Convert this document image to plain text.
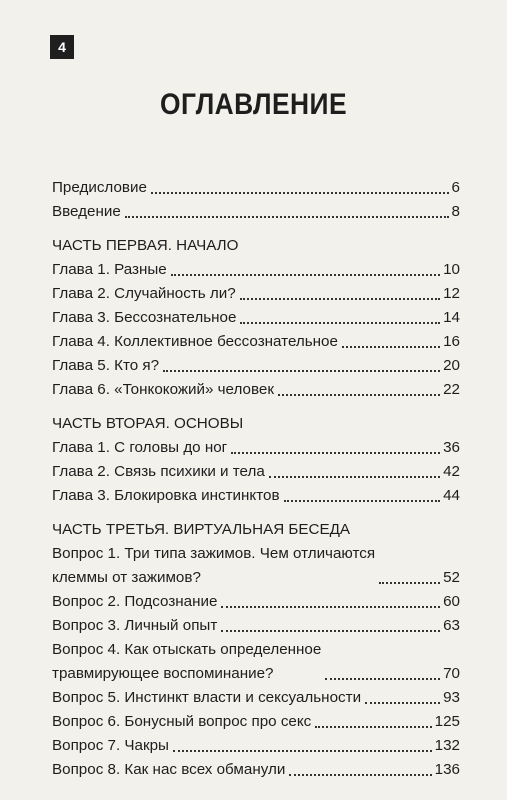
4
ОГЛАВЛЕНИЕ
Предисловие	6
Введение	8
ЧАСТЬ ПЕРВАЯ. НАЧАЛО
Глава 1. Разные	10
Глава 2. Случайность ли?	12
Глава 3. Бессознательное	14
Глава 4. Коллективное бессознательное	16
Глава 5. Кто я?	20
Глава 6. «Тонкокожий» человек	22
ЧАСТЬ ВТОРАЯ. ОСНОВЫ
Глава 1. С головы до ног	36
Глава 2. Связь психики и тела	42
Глава 3. Блокировка инстинктов	44
ЧАСТЬ ТРЕТЬЯ. ВИРТУАЛЬНАЯ БЕСЕДА
Вопрос 1. Три типа зажимов. Чем отличаются
клеммы от зажимов?	52
Вопрос 2. Подсознание	60
Вопрос 3. Личный опыт	63
Вопрос 4. Как отыскать определенное
травмирующее воспоминание?	70
Вопрос 5. Инстинкт власти и сексуальности	93
Вопрос 6. Бонусный вопрос про секс	125
Вопрос 7. Чакры	132
Вопрос 8. Как нас всех обманули	136
